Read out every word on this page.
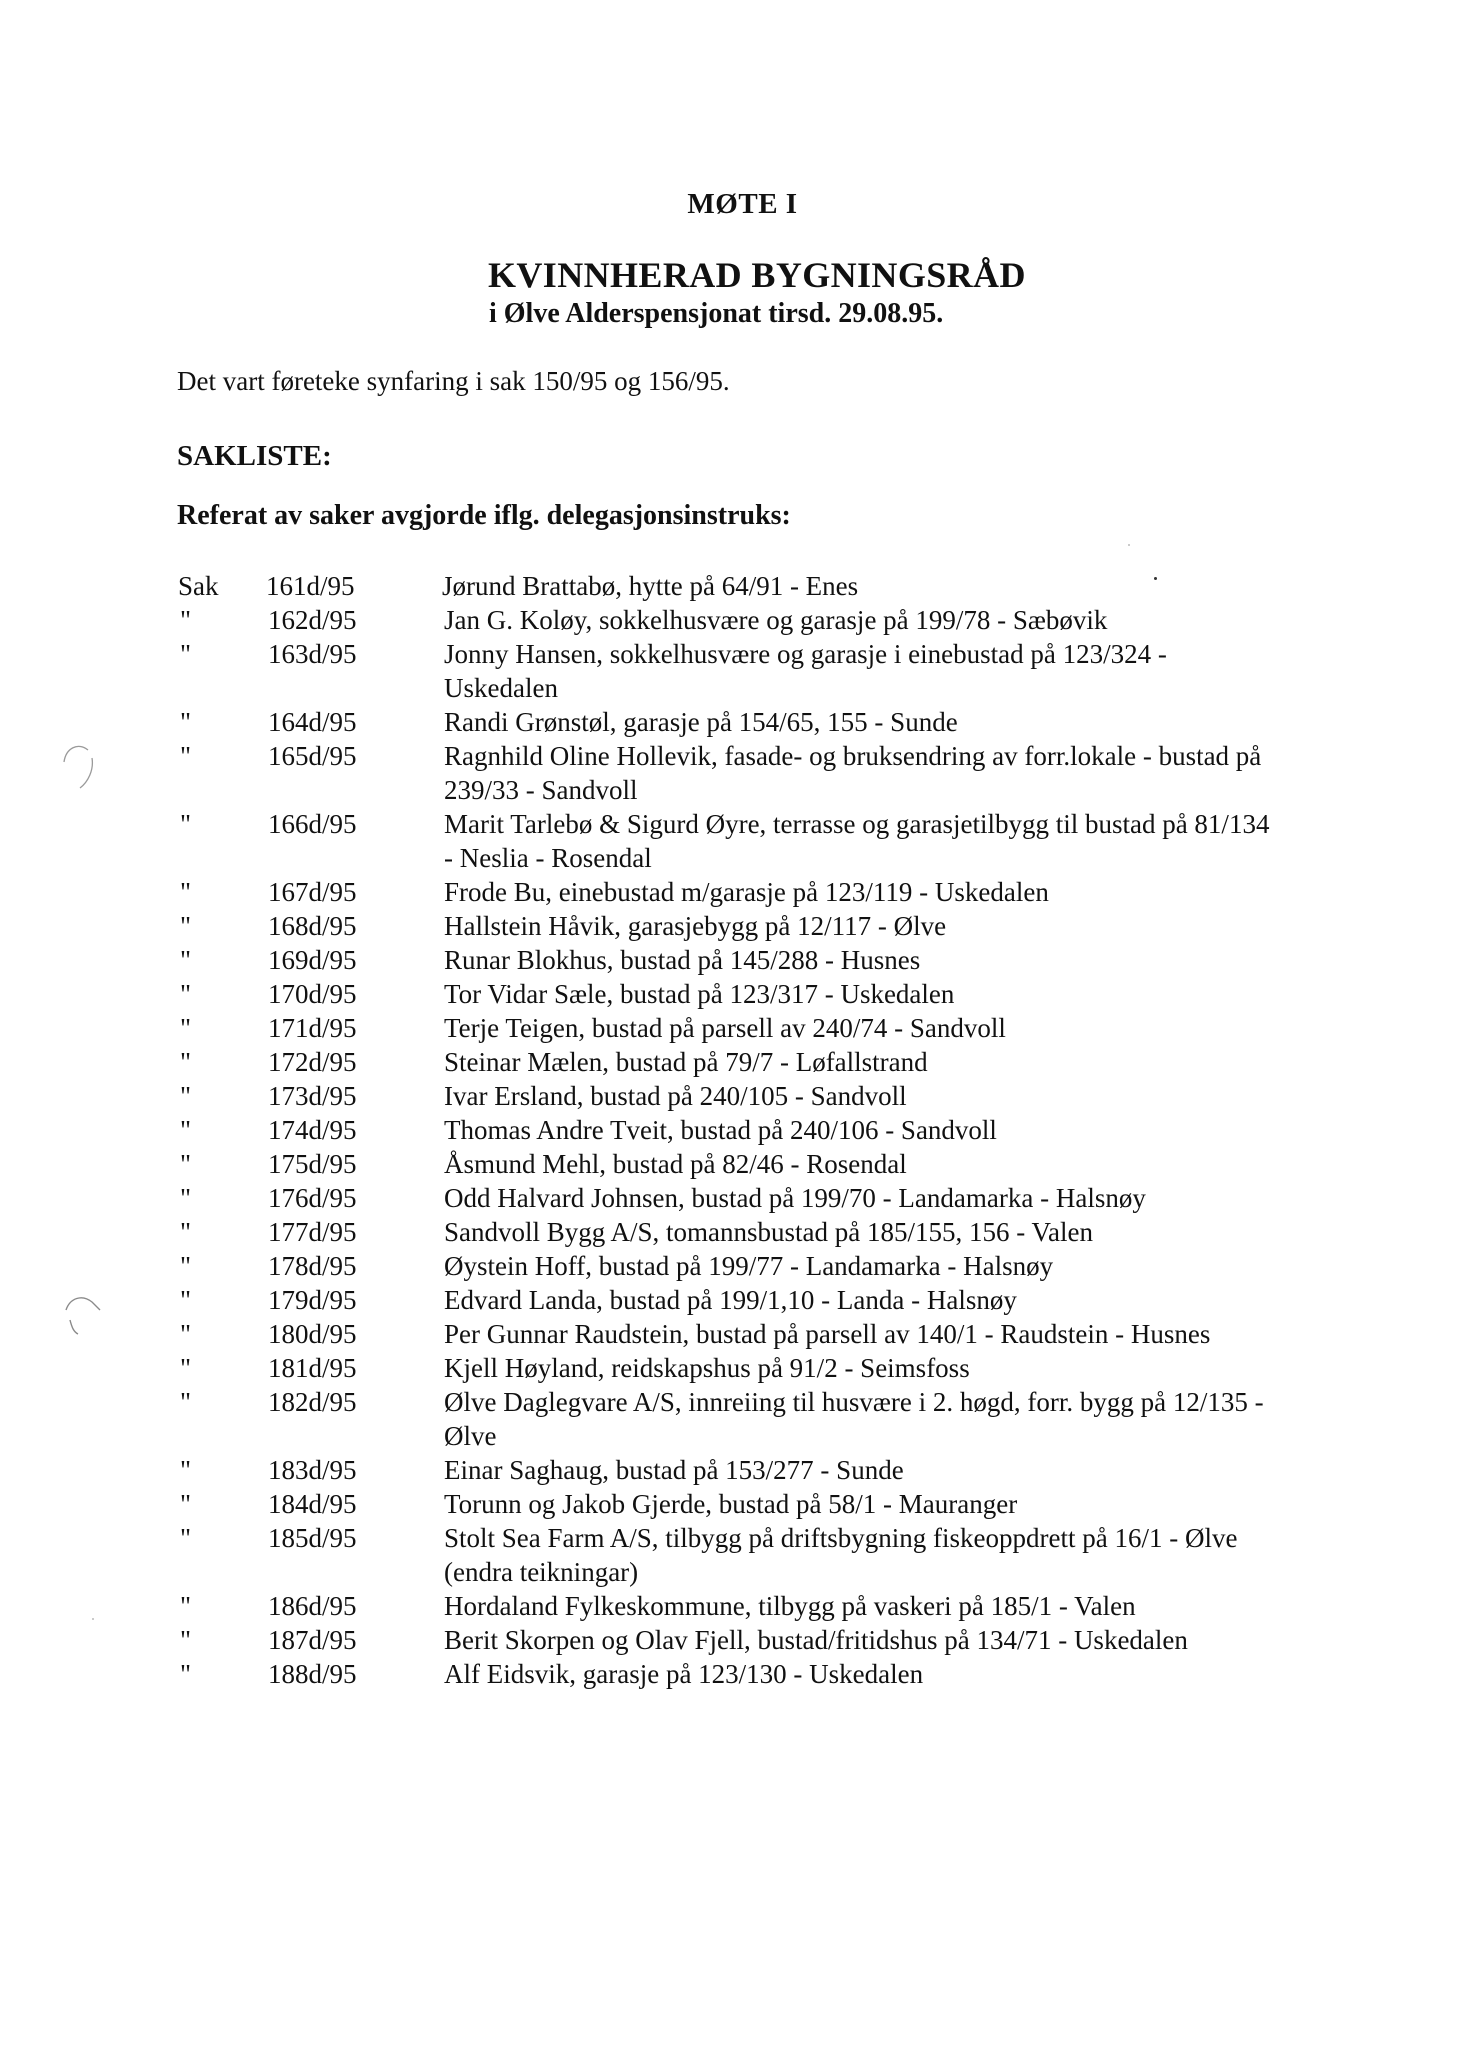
MØTE I
KVINNHERAD BYGNINGSRÅD
i Ølve Alderspensjonat tirsd. 29.08.95.
Det vart føreteke synfaring i sak 150/95 og 156/95.
SAKLISTE:
Referat av saker avgjorde iflg. delegasjonsinstruks:
Sak	161d/95	Jørund Brattabø, hytte på 64/91 - Enes
"	162d/95	Jan G. Koløy, sokkelhusvære og garasje på 199/78 - Sæbøvik
"	163d/95	Jonny Hansen, sokkelhusvære og garasje i einebustad på 123/324 - Uskedalen
"	164d/95	Randi Grønstøl, garasje på 154/65, 155 - Sunde
"	165d/95	Ragnhild Oline Hollevik, fasade- og bruksendring av forr.lokale - bustad på 239/33 - Sandvoll
"	166d/95	Marit Tarlebø & Sigurd Øyre, terrasse og garasjetilbygg til bustad på 81/134 - Neslia - Rosendal
"	167d/95	Frode Bu, einebustad m/garasje på 123/119 - Uskedalen
"	168d/95	Hallstein Håvik, garasjebygg på 12/117 - Ølve
"	169d/95	Runar Blokhus, bustad på 145/288 - Husnes
"	170d/95	Tor Vidar Sæle, bustad på 123/317 - Uskedalen
"	171d/95	Terje Teigen, bustad på parsell av 240/74 - Sandvoll
"	172d/95	Steinar Mælen, bustad på 79/7 - Løfallstrand
"	173d/95	Ivar Ersland, bustad på 240/105 - Sandvoll
"	174d/95	Thomas Andre Tveit, bustad på 240/106 - Sandvoll
"	175d/95	Åsmund Mehl, bustad på 82/46 - Rosendal
"	176d/95	Odd Halvard Johnsen, bustad på 199/70 - Landamarka - Halsnøy
"	177d/95	Sandvoll Bygg A/S, tomannsbustad på 185/155, 156 - Valen
"	178d/95	Øystein Hoff, bustad på 199/77 - Landamarka - Halsnøy
"	179d/95	Edvard Landa, bustad på 199/1,10 - Landa - Halsnøy
"	180d/95	Per Gunnar Raudstein, bustad på parsell av 140/1 - Raudstein - Husnes
"	181d/95	Kjell Høyland, reidskapshus på 91/2 - Seimsfoss
"	182d/95	Ølve Daglegvare A/S, innreiing til husvære i 2. høgd, forr. bygg på 12/135 - Ølve
"	183d/95	Einar Saghaug, bustad på 153/277 - Sunde
"	184d/95	Torunn og Jakob Gjerde, bustad på 58/1 - Mauranger
"	185d/95	Stolt Sea Farm A/S, tilbygg på driftsbygning fiskeoppdrett på 16/1 - Ølve (endra teikningar)
"	186d/95	Hordaland Fylkeskommune, tilbygg på vaskeri på 185/1 - Valen
"	187d/95	Berit Skorpen og Olav Fjell, bustad/fritidshus på 134/71 - Uskedalen
"	188d/95	Alf Eidsvik, garasje på 123/130 - Uskedalen
